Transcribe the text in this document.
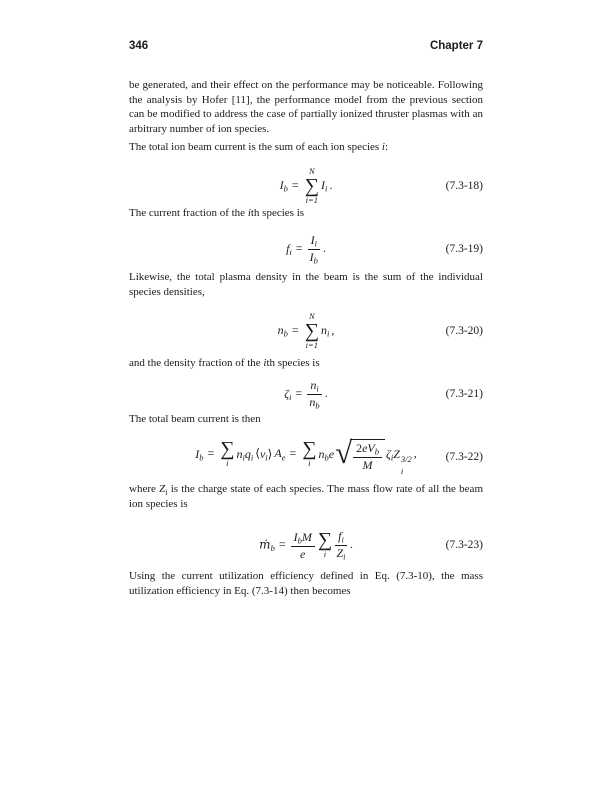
346	Chapter 7

be generated, and their effect on the performance may be noticeable. Following the analysis by Hofer [11], the performance model from the previous section can be modified to address the case of partially ionized thruster plasmas with an arbitrary number of ion species.

The total ion beam current is the sum of each ion species i:

$I_b$ =
N
∑
i=1
$I_i$ .	(7.3-18)

The current fraction of the ith species is

$f_i = \frac{I_i}{I_b}$ .	(7.3-19)

Likewise, the total plasma density in the beam is the sum of the individual species densities,

$n_b$ =
N
∑
i=1
$n_i$ ,	(7.3-20)

and the density fraction of the ith species is

$\zeta_i = \frac{n_i}{n_b}$ .	(7.3-21)

The total beam current is then

$I_b$ = ∑
i
$n_iq_i$ $⟨v_i⟩$ $A_e$ = ∑
i
$n_be$ √ $\frac{2eV_b}{M} \zeta_iZ$ 3/2
i
,	(7.3-22)

where $Z_i$ is the charge state of each species. The mass flow rate of all the beam ion species is

ṁ$_b$ = $\frac{I_bM}{e}$ ∑
i $\frac{f_i}{Z_i}$ .	(7.3-23)

Using the current utilization efficiency defined in Eq. (7.3-10), the mass utilization efficiency in Eq. (7.3-14) then becomes
